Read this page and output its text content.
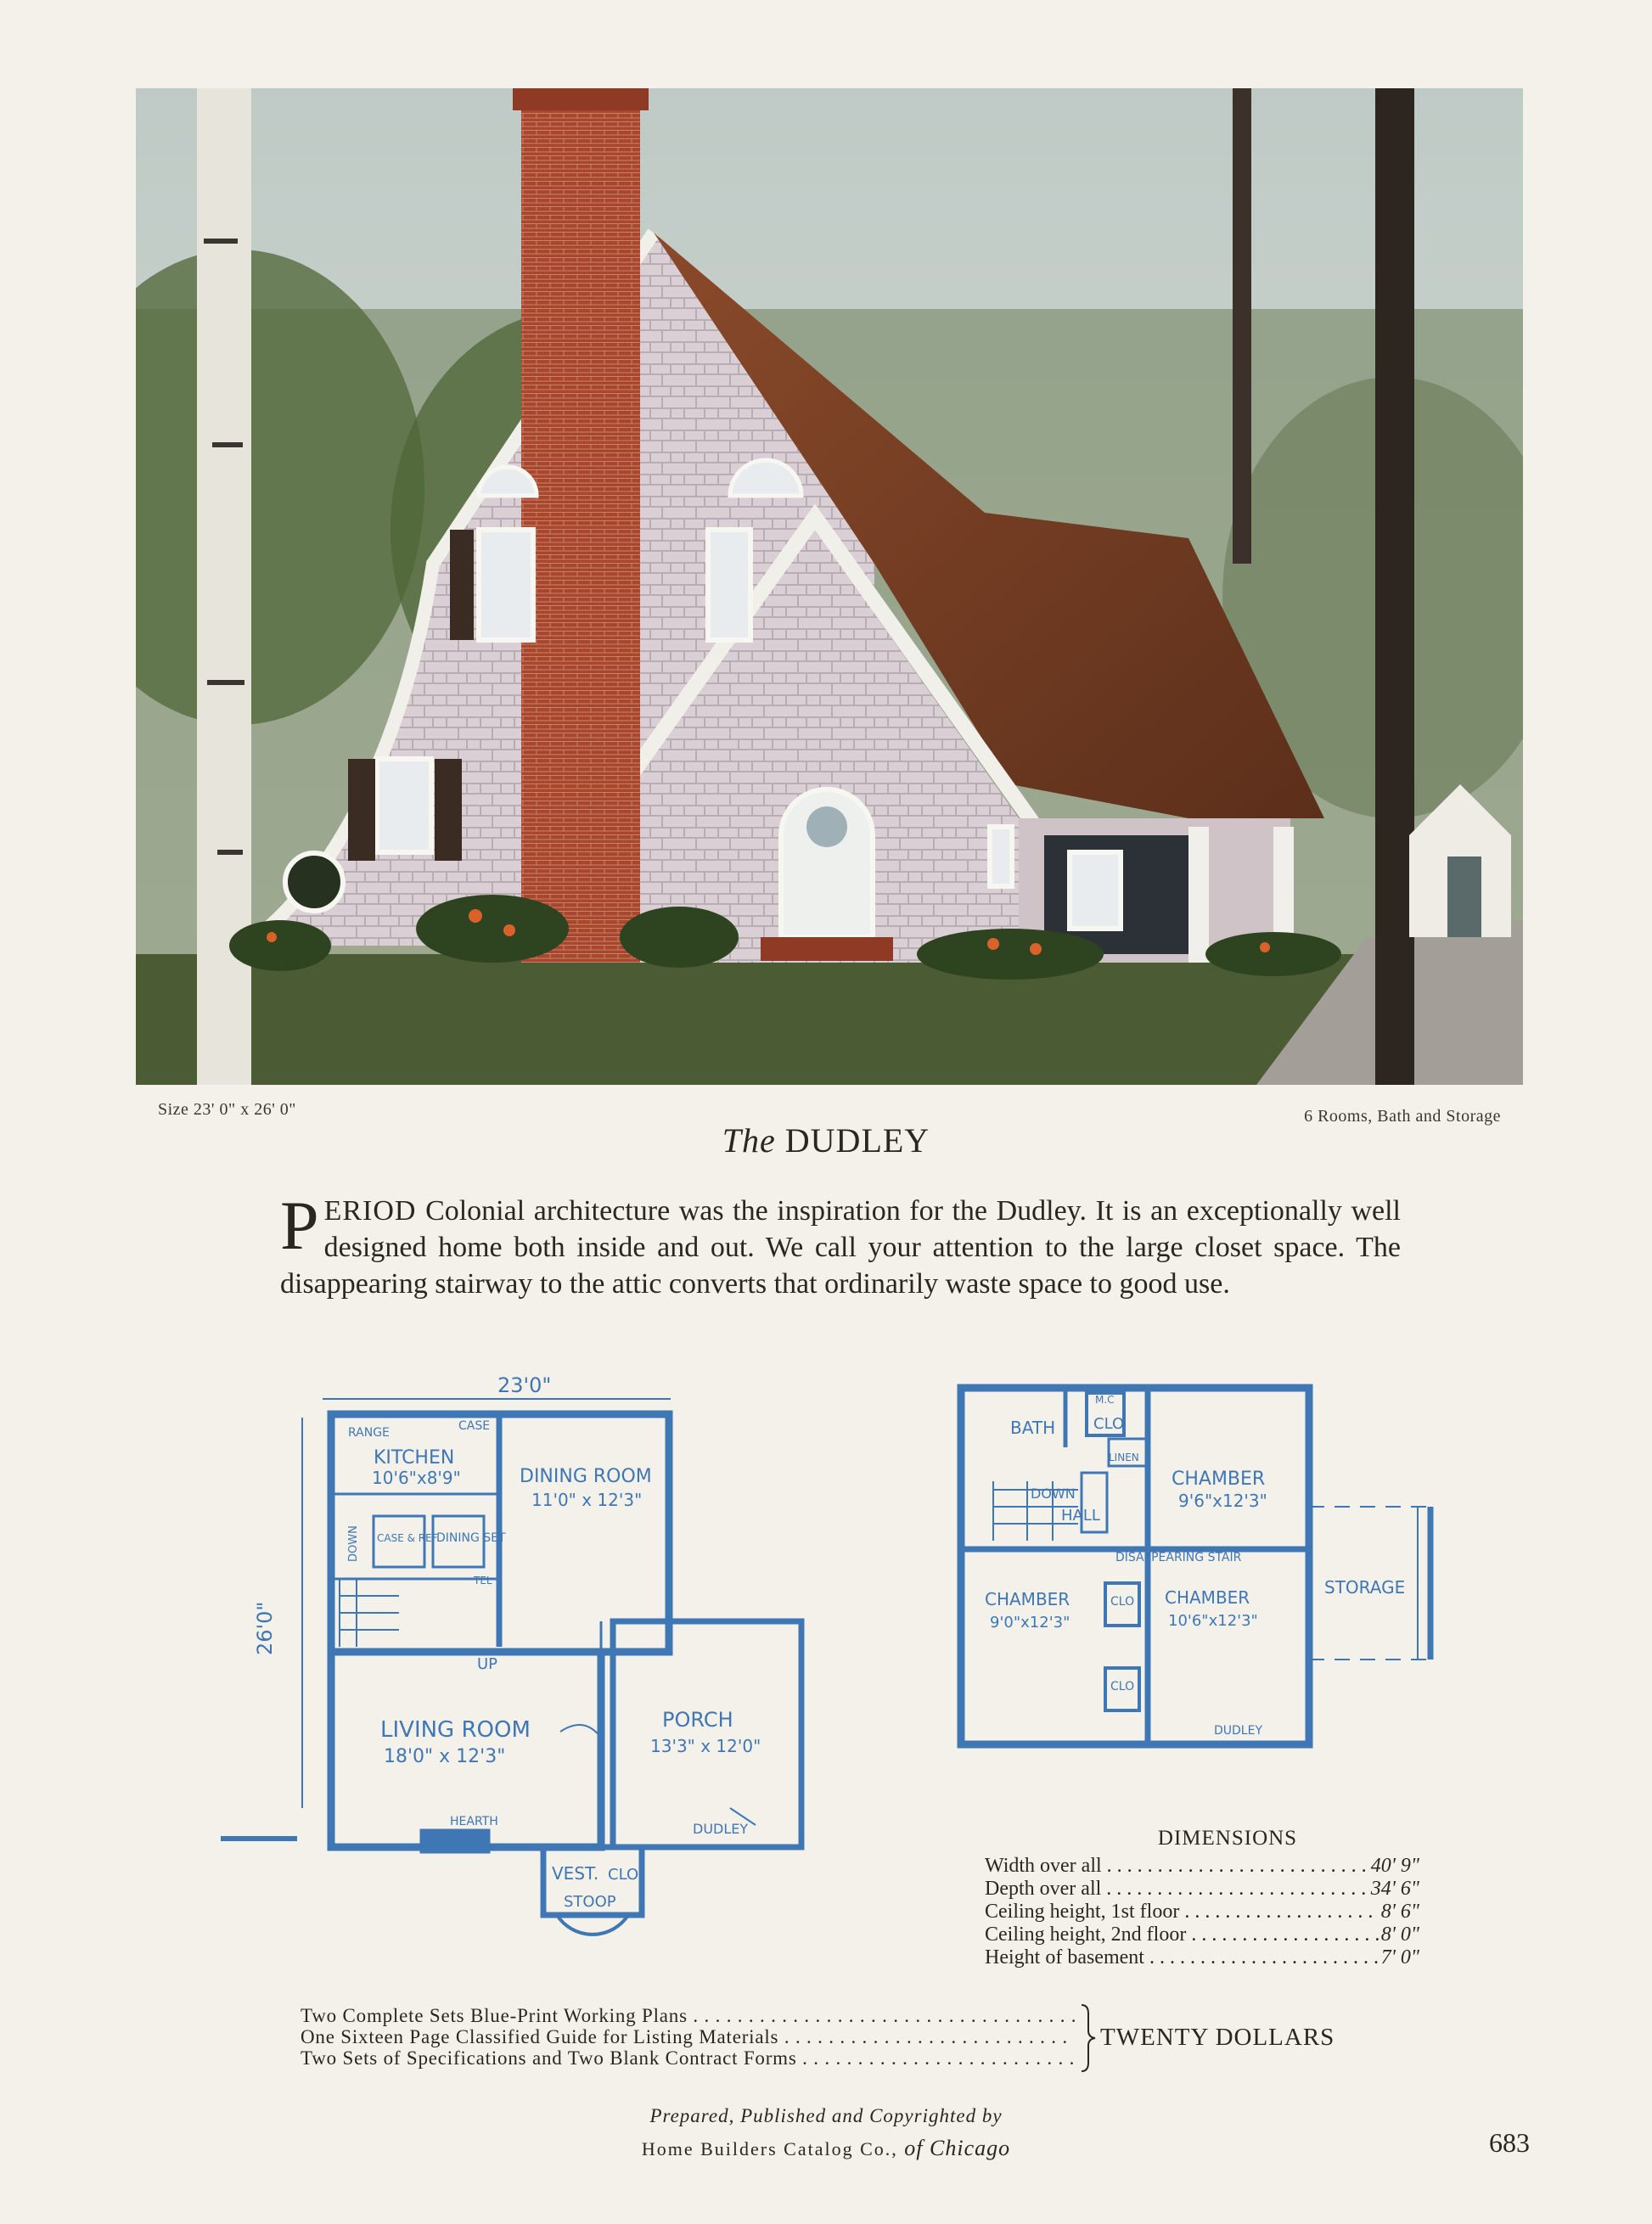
Size 23' 0" x 26' 0"	6 Rooms, Bath and Storage
The DUDLEY
PERIOD Colonial architecture was the inspiration for the Dudley. It is an exceptionally well designed home both inside and out. We call your attention to the large closet space. The disappearing stairway to the attic converts that ordinarily waste space to good use.
23'0"
26'0"
RANGE	CASE
KITCHEN
10'6"x8'9"
DOWN CASE & REF
DINING SET
TEL
DINING ROOM
11'0" x 12'3"
UP
LIVING ROOM
18'0" x 12'3"
PORCH
13'3" x 12'0"
HEARTH	DUDLEY
VEST. CLO
STOOP
BATH
M.C
CLO
LINEN
DOWN
HALL
CHAMBER
9'6"x12'3"
DISAPPEARING STAIR
CHAMBER
9'0"x12'3"
CLO
CLO
CHAMBER
10'6"x12'3"
STORAGE
DUDLEY
DIMENSIONS
Width over all . . .	40' 9"
Depth over all . . .	34' 6"
Ceiling height, 1st floor . . .	8' 6"
Ceiling height, 2nd floor . . .	8' 0"
Height of basement . . .	7' 0"
Two Complete Sets Blue-Print Working Plans . . .
One Sixteen Page Classified Guide for Listing Materials . . .
Two Sets of Specifications and Two Blank Contract Forms . . .
TWENTY DOLLARS
Prepared, Published and Copyrighted by
Home Builders Catalog Co., of Chicago	683
